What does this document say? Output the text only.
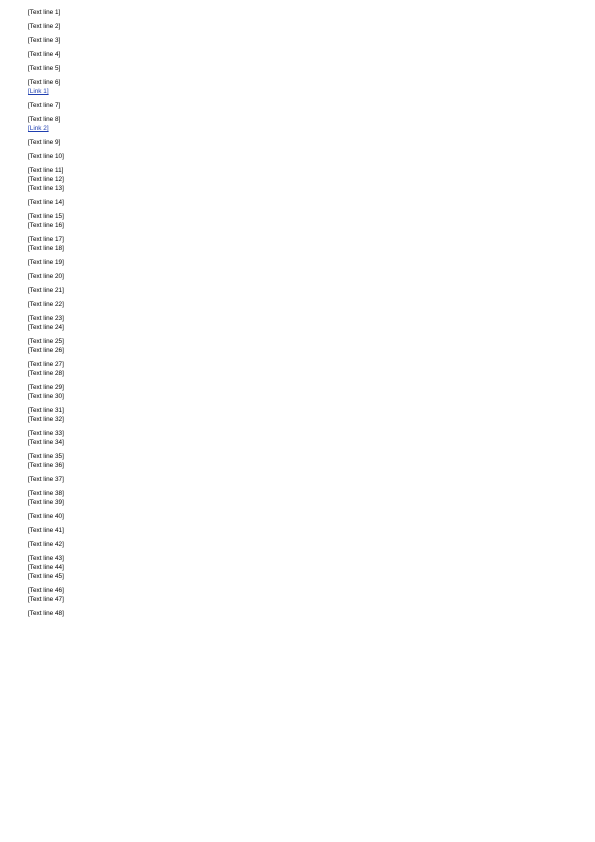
[Text line 1]
[Text line 2]
[Text line 3]
[Text line 4]
[Text line 5]
[Text line 6]
[Link 1]
[Text line 7]
[Text line 8]
[Link 2]
[Text line 9]
[Text line 10]
[Text line 11]
[Text line 12]
[Text line 13]
[Text line 14]
[Text line 15]
[Text line 16]
[Text line 17]
[Text line 18]
[Text line 19]
[Text line 20]
[Text line 21]
[Text line 22]
[Text line 23]
[Text line 24]
[Text line 25]
[Text line 26]
[Text line 27]
[Text line 28]
[Text line 29]
[Text line 30]
[Text line 31]
[Text line 32]
[Text line 33]
[Text line 34]
[Text line 35]
[Text line 36]
[Text line 37]
[Text line 38]
[Text line 39]
[Text line 40]
[Text line 41]
[Text line 42]
[Text line 43]
[Text line 44]
[Text line 45]
[Text line 46]
[Text line 47]
[Text line 48]
